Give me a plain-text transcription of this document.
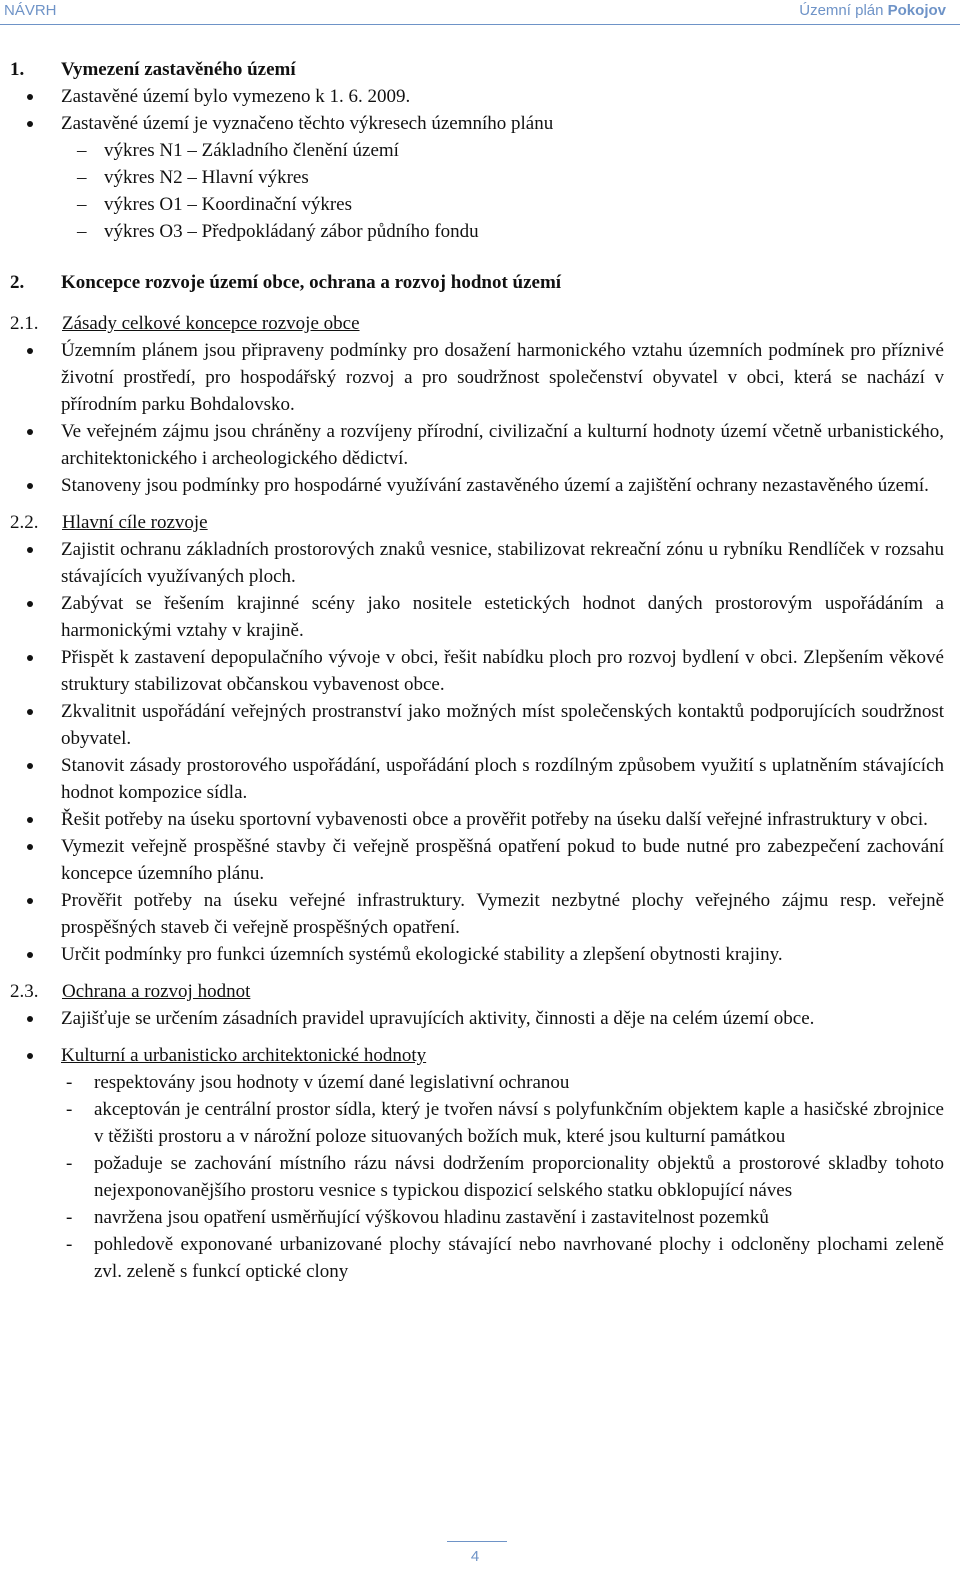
NÁVRH	Územní plán Pokojov

1. Vymezení zastavěného území

Zastavěné území bylo vymezeno k 1. 6. 2009.
Zastavěné území je vyznačeno těchto výkresech územního plánu
– výkres N1 – Základního členění území
– výkres N2 – Hlavní výkres
– výkres O1 – Koordinační výkres
– výkres O3 – Předpokládaný zábor půdního fondu

2. Koncepce rozvoje území obce, ochrana a rozvoj hodnot území

2.1. Zásady celkové koncepce rozvoje obce
Územním plánem jsou připraveny podmínky pro dosažení harmonického vztahu územních podmínek pro příznivé životní prostředí, pro hospodářský rozvoj a pro soudržnost společenství obyvatel v obci, která se nachází v přírodním parku Bohdalovsko.
Ve veřejném zájmu jsou chráněny a rozvíjeny přírodní, civilizační a kulturní hodnoty území včetně urbanistického, architektonického i archeologického dědictví.
Stanoveny jsou podmínky pro hospodárné využívání zastavěného území a zajištění ochrany nezastavěného území.
2.2. Hlavní cíle rozvoje
Zajistit ochranu základních prostorových znaků vesnice, stabilizovat rekreační zónu u rybníku Rendlíček v rozsahu stávajících využívaných ploch.
Zabývat se řešením krajinné scény jako nositele estetických hodnot daných prostorovým uspořádáním a harmonickými vztahy v krajině.
Přispět k zastavení depopulačního vývoje v obci, řešit nabídku ploch pro rozvoj bydlení v obci. Zlepšením věkové struktury stabilizovat občanskou vybavenost obce.
Zkvalitnit uspořádání veřejných prostranství jako možných míst společenských kontaktů podporujících soudržnost obyvatel.
Stanovit zásady prostorového uspořádání, uspořádání ploch s rozdílným způsobem využití s uplatněním stávajících hodnot kompozice sídla.
Řešit potřeby na úseku sportovní vybavenosti obce a prověřit potřeby na úseku další veřejné infrastruktury v obci.
Vymezit veřejně prospěšné stavby či veřejně prospěšná opatření pokud to bude nutné pro zabezpečení zachování koncepce územního plánu.
Prověřit potřeby na úseku veřejné infrastruktury. Vymezit nezbytné plochy veřejného zájmu resp. veřejně prospěšných staveb či veřejně prospěšných opatření.
Určit podmínky pro funkci územních systémů ekologické stability a zlepšení obytnosti krajiny.
2.3. Ochrana a rozvoj hodnot
Zajišťuje se určením zásadních pravidel upravujících aktivity, činnosti a děje na celém území obce.
Kulturní a urbanisticko architektonické hodnoty
- respektovány jsou hodnoty v území dané legislativní ochranou
- akceptován je centrální prostor sídla, který je tvořen návsí s polyfunkčním objektem kaple a hasičské zbrojnice v těžišti prostoru a v nárožní poloze situovaných božích muk, které jsou kulturní památkou
- požaduje se zachování místního rázu návsi dodržením proporcionality objektů a prostorové skladby tohoto nejexponovanějšího prostoru vesnice s typickou dispozicí selského statku obklopující náves
- navržena jsou opatření usměrňující výškovou hladinu zastavění i zastavitelnost pozemků
- pohledově exponované urbanizované plochy stávající nebo navrhované plochy i odcloněny plochami zeleně zvl. zeleně s funkcí optické clony
4
